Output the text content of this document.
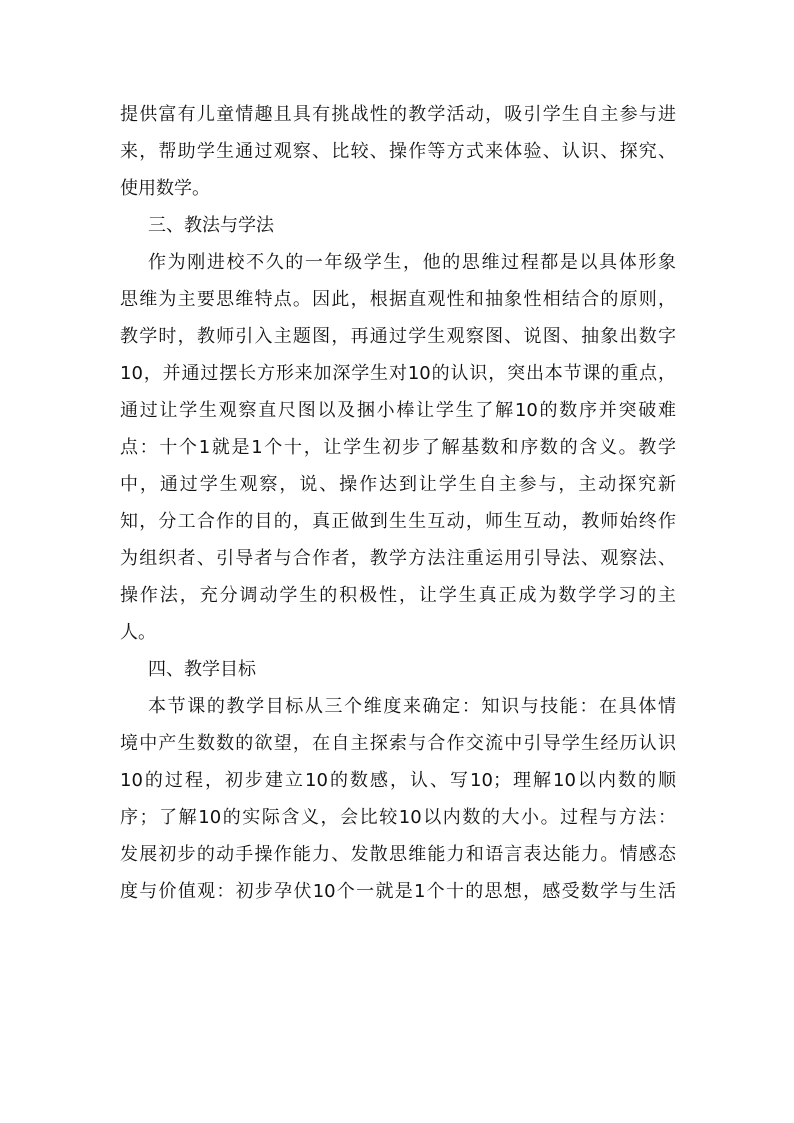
提供富有儿童情趣且具有挑战性的教学活动，吸引学生自主参与进
来，帮助学生通过观察、比较、操作等方式来体验、认识、探究、
使用数学。
三、教法与学法
作为刚进校不久的一年级学生，他的思维过程都是以具体形象
思维为主要思维特点。因此，根据直观性和抽象性相结合的原则，
教学时，教师引入主题图，再通过学生观察图、说图、抽象出数字
10，并通过摆长方形来加深学生对10的认识，突出本节课的重点，
通过让学生观察直尺图以及捆小棒让学生了解10的数序并突破难
点：十个1就是1个十，让学生初步了解基数和序数的含义。教学
中，通过学生观察，说、操作达到让学生自主参与，主动探究新
知，分工合作的目的，真正做到生生互动，师生互动，教师始终作
为组织者、引导者与合作者，教学方法注重运用引导法、观察法、
操作法，充分调动学生的积极性，让学生真正成为数学学习的主
人。
四、教学目标
本节课的教学目标从三个维度来确定：知识与技能：在具体情
境中产生数数的欲望，在自主探索与合作交流中引导学生经历认识
10的过程，初步建立10的数感，认、写10；理解10以内数的顺
序；了解10的实际含义，会比较10以内数的大小。过程与方法：
发展初步的动手操作能力、发散思维能力和语言表达能力。情感态
度与价值观：初步孕伏10个一就是1个十的思想，感受数学与生活
